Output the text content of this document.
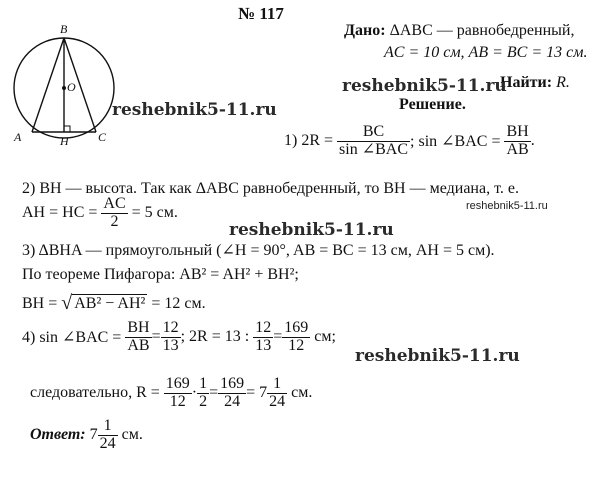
№ 117
B
O
A	H C
Дано: ΔABC — равнобедренный,
AC = 10 см, AB = BC = 13 см.
Найти: R.
reshebnik5-11.ru
Решение.
reshebnik5-11.ru
1) 2R =
$\frac{BC}{\text{sin ∠BAC}}$ ; sin ∠BAC =
$\frac{BH}{AB}$ .
2) BH — высота. Так как ΔABC равнобедренный, то BH — медиана, т. е.
reshebnik5-11.ru
AH = HC =
$\frac{AC}{2}$
= 5 см.
reshebnik5-11.ru
3) ΔBHA — прямоугольный (∠H = 90°, AB = BC = 13 см, AH = 5 см).
По теореме Пифагора: AB² = AH² + BH²;
BH =
√ AB² − AH²
= 12 см.
4) sin ∠BAC =
$\frac{BH}{AB} = \frac{12}{13}$ ; 2R = 13 :
$\frac{12}{13} = \frac{169}{12}$
см;
reshebnik5-11.ru
следовательно, R =
$\frac{169}{12} \cdot \frac{1}{2} = \frac{169}{24} = 7 \frac{1}{24}$
см.
Ответ:
$7 \frac{1}{24}$
см.
